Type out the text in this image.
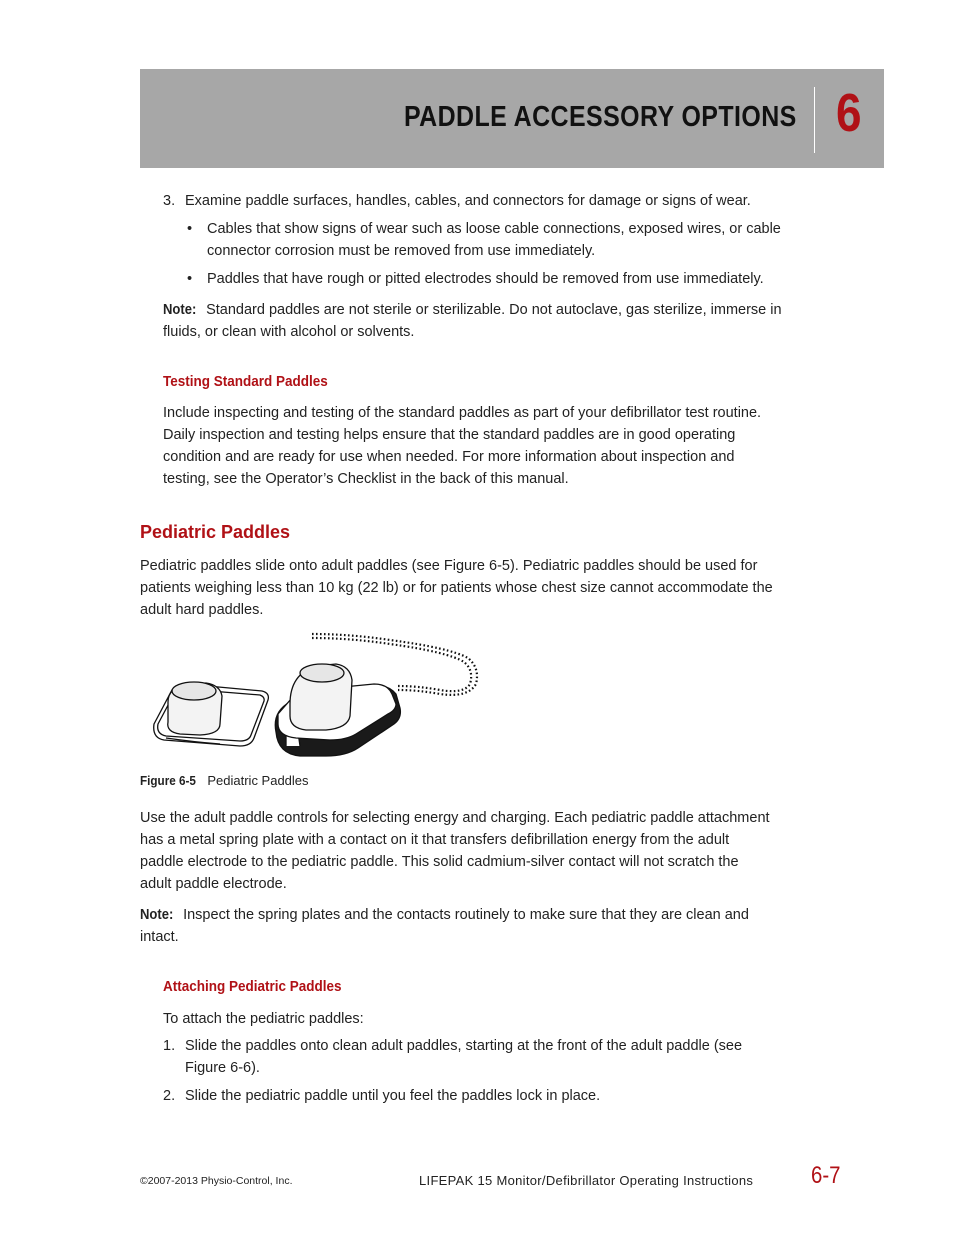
PADDLE ACCESSORY OPTIONS 6
3. Examine paddle surfaces, handles, cables, and connectors for damage or signs of wear.

• Cables that show signs of wear such as loose cable connections, exposed wires, or cable

connector corrosion must be removed from use immediately.

• Paddles that have rough or pitted electrodes should be removed from use immediately.

Note: Standard paddles are not sterile or sterilizable. Do not autoclave, gas sterilize, immerse in

fluids, or clean with alcohol or solvents.

Testing Standard Paddles

Include inspecting and testing of the standard paddles as part of your defibrillator test routine.

Daily inspection and testing helps ensure that the standard paddles are in good operating

condition and are ready for use when needed. For more information about inspection and

testing, see the Operator’s Checklist in the back of this manual.

Pediatric Paddles

Pediatric paddles slide onto adult paddles (see Figure 6-5). Pediatric paddles should be used for

patients weighing less than 10 kg (22 lb) or for patients whose chest size cannot accommodate the

adult hard paddles.

Figure 6-5 Pediatric Paddles

Use the adult paddle controls for selecting energy and charging. Each pediatric paddle attachment

has a metal spring plate with a contact on it that transfers defibrillation energy from the adult

paddle electrode to the pediatric paddle. This solid cadmium-silver contact will not scratch the

adult paddle electrode.

Note: Inspect the spring plates and the contacts routinely to make sure that they are clean and

intact.

Attaching Pediatric Paddles

To attach the pediatric paddles:

1. Slide the paddles onto clean adult paddles, starting at the front of the adult paddle (see

Figure 6-6).

2. Slide the pediatric paddle until you feel the paddles lock in place.

©2007-2013 Physio-Control, Inc.	LIFEPAK 15 Monitor/Defibrillator Operating Instructions 6-7
